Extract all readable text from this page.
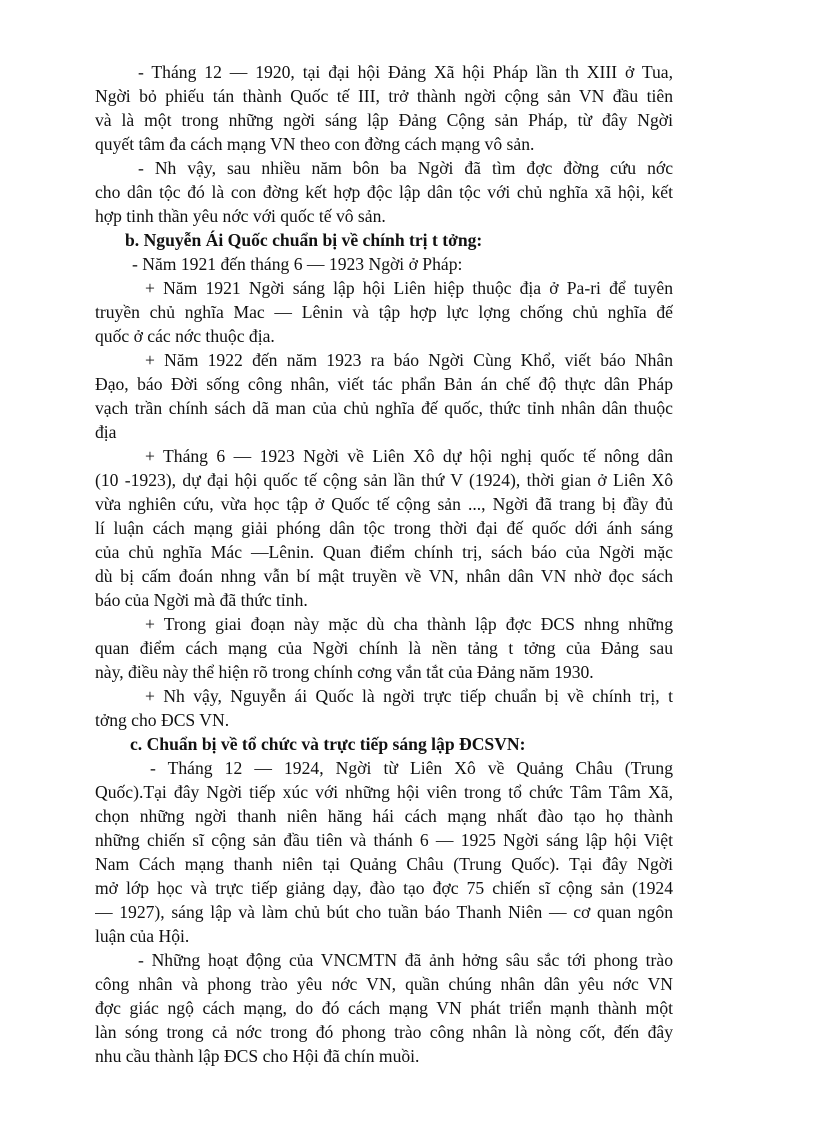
- Tháng 12 — 1920, tại đại hội Đảng Xã hội Pháp lần th XIII ở Tua,
Ngời bỏ phiếu tán thành Quốc tế III, trở thành ngời cộng sản VN đầu tiên
và là một trong những ngời sáng lập Đảng Cộng sản Pháp, từ đây Ngời
quyết tâm đa cách mạng VN theo con đờng cách mạng vô sản.
- Nh vậy, sau nhiều năm bôn ba Ngời đã tìm đợc đờng cứu nớc
cho dân tộc đó là con đờng kết hợp độc lập dân tộc với chủ nghĩa xã hội, kết
hợp tinh thần yêu nớc với quốc tế vô sản.
b. Nguyễn Ái Quốc chuẩn bị về chính trị t tởng:
- Năm 1921 đến tháng 6 — 1923 Ngời ở Pháp:
+ Năm 1921 Ngời sáng lập hội Liên hiệp thuộc địa ở Pa-ri để tuyên
truyền chủ nghĩa Mac — Lênin và tập hợp lực lợng chống chủ nghĩa đế
quốc ở các nớc thuộc địa.
+ Năm 1922 đến năm 1923 ra báo Ngời Cùng Khổ, viết báo Nhân
Đạo, báo Đời sống công nhân, viết tác phẩn Bản án chế độ thực dân Pháp
vạch trần chính sách dã man của chủ nghĩa đế quốc, thức tỉnh nhân dân thuộc
địa
+ Tháng 6 — 1923 Ngời về Liên Xô dự hội nghị quốc tế nông dân
(10 -1923), dự đại hội quốc tế cộng sản lần thứ V (1924), thời gian ở Liên Xô
vừa nghiên cứu, vừa học tập ở Quốc tế cộng sản ..., Ngời đã trang bị đầy đủ
lí luận cách mạng giải phóng dân tộc trong thời đại đế quốc dới ánh sáng
của chủ nghĩa Mác —Lênin. Quan điểm chính trị, sách báo của Ngời mặc
dù bị cấm đoán nhng vẫn bí mật truyền về VN, nhân dân VN nhờ đọc sách
báo của Ngời mà đã thức tỉnh.
+ Trong giai đoạn này mặc dù cha thành lập đợc ĐCS nhng những
quan điểm cách mạng của Ngời chính là nền tảng t tởng của Đảng sau
này, điều này thể hiện rõ trong chính cơng vắn tắt của Đảng năm 1930.
+ Nh vậy, Nguyễn ái Quốc là ngời trực tiếp chuẩn bị về chính trị, t
tởng cho ĐCS VN.
c. Chuẩn bị về tổ chức và trực tiếp sáng lập ĐCSVN:
- Tháng 12 — 1924, Ngời từ Liên Xô về Quảng Châu (Trung
Quốc).Tại đây Ngời tiếp xúc với những hội viên trong tổ chức Tâm Tâm Xã,
chọn những ngời thanh niên hăng hái cách mạng nhất đào tạo họ thành
những chiến sĩ cộng sản đầu tiên và thánh 6 — 1925 Ngời sáng lập hội Việt
Nam Cách mạng thanh niên tại Quảng Châu (Trung Quốc). Tại đây Ngời
mở lớp học và trực tiếp giảng dạy, đào tạo đợc 75 chiến sĩ cộng sản (1924
— 1927), sáng lập và làm chủ bút cho tuần báo Thanh Niên — cơ quan ngôn
luận của Hội.
- Những hoạt động của VNCMTN đã ảnh hởng sâu sắc tới phong trào
công nhân và phong trào yêu nớc VN, quần chúng nhân dân yêu nớc VN
đợc giác ngộ cách mạng, do đó cách mạng VN phát triển mạnh thành một
làn sóng trong cả nớc trong đó phong trào công nhân là nòng cốt, đến đây
nhu cầu thành lập ĐCS cho Hội đã chín muồi.
